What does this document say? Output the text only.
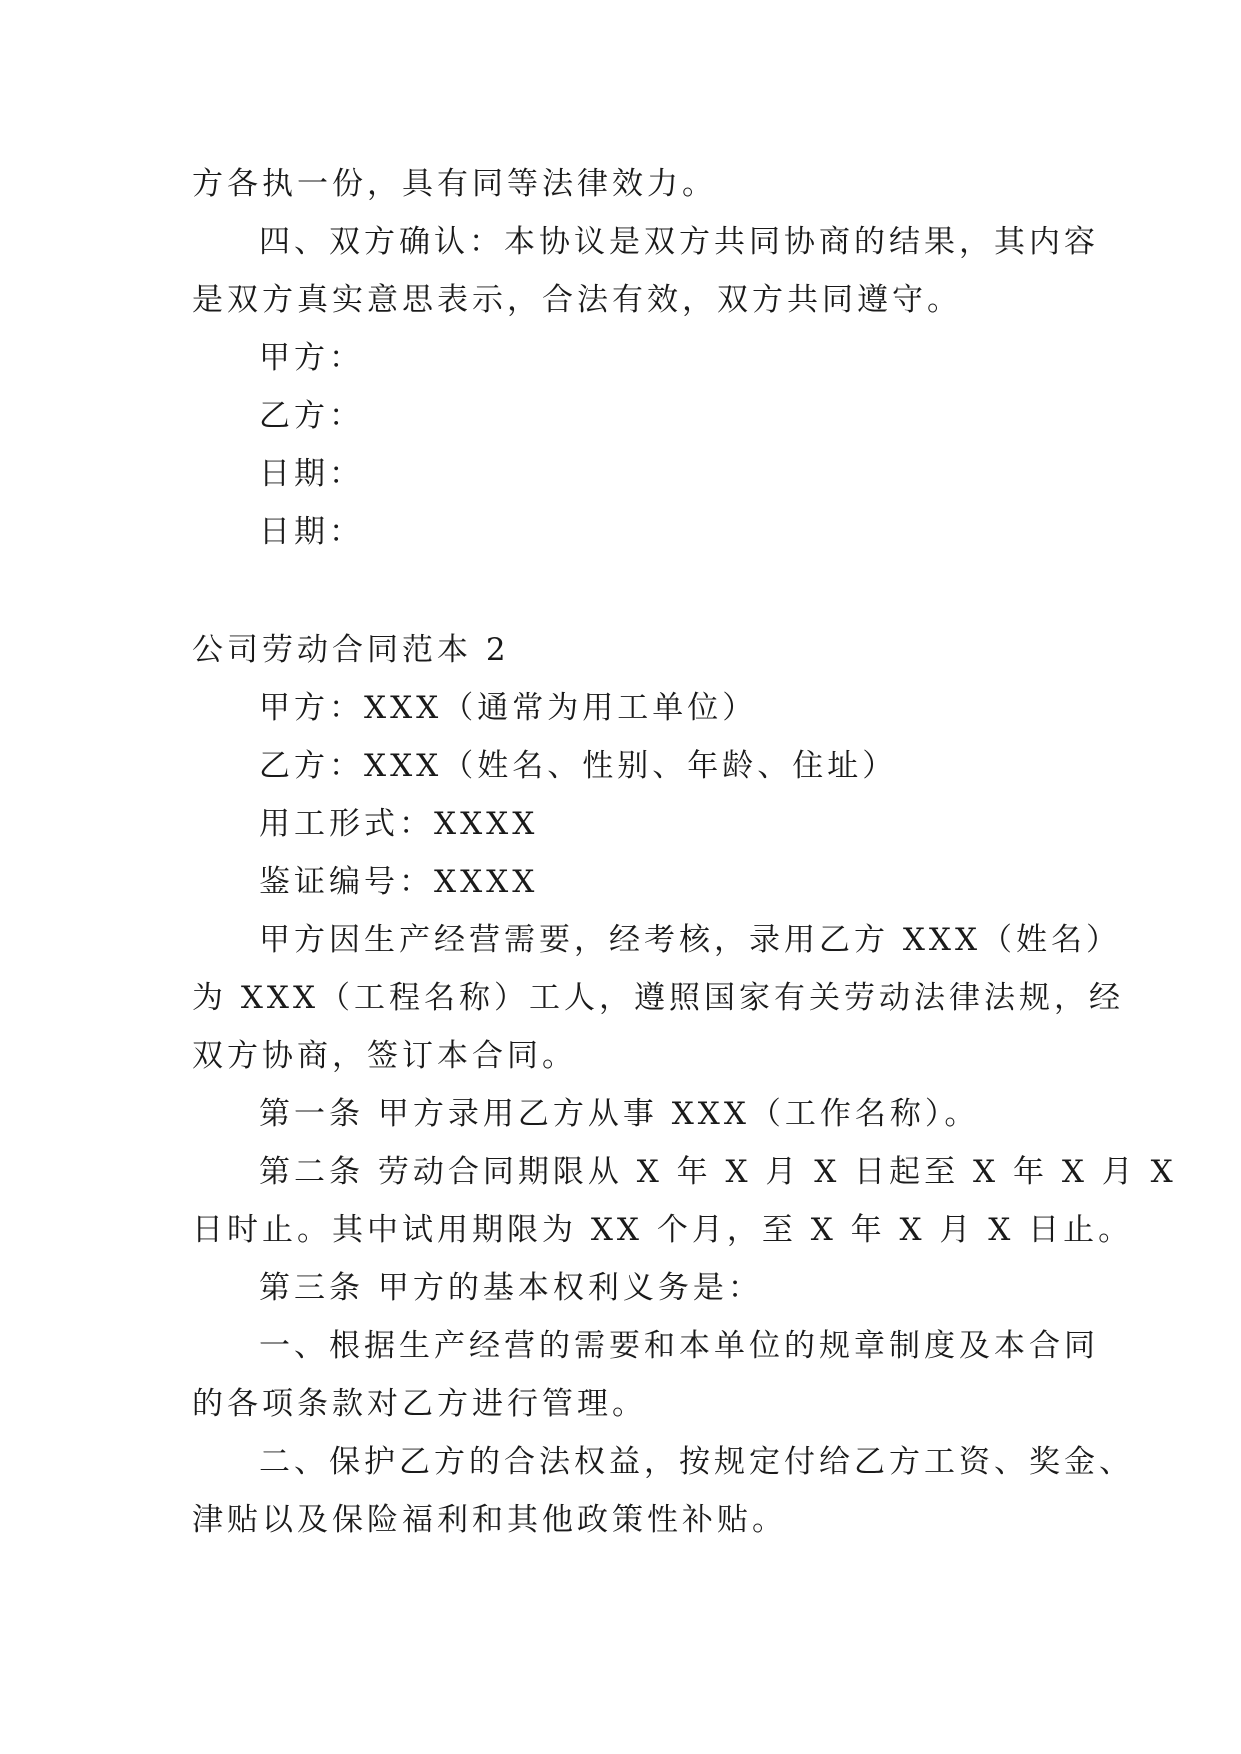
方各执一份，具有同等法律效力。
四、双方确认：本协议是双方共同协商的结果，其内容
是双方真实意思表示，合法有效，双方共同遵守。
甲方：
乙方：
日期：
日期：
公司劳动合同范本 2
甲方：XXX（通常为用工单位）
乙方：XXX（姓名、性别、年龄、住址）
用工形式：XXXX
鉴证编号：XXXX
甲方因生产经营需要，经考核，录用乙方 XXX（姓名）
为 XXX（工程名称）工人，遵照国家有关劳动法律法规，经
双方协商，签订本合同。
第一条 甲方录用乙方从事 XXX（工作名称）。
第二条 劳动合同期限从 X 年 X 月 X 日起至 X 年 X 月 X
日时止。其中试用期限为 XX 个月，至 X 年 X 月 X 日止。
第三条 甲方的基本权利义务是：
一、根据生产经营的需要和本单位的规章制度及本合同
的各项条款对乙方进行管理。
二、保护乙方的合法权益，按规定付给乙方工资、奖金、
津贴以及保险福利和其他政策性补贴。
